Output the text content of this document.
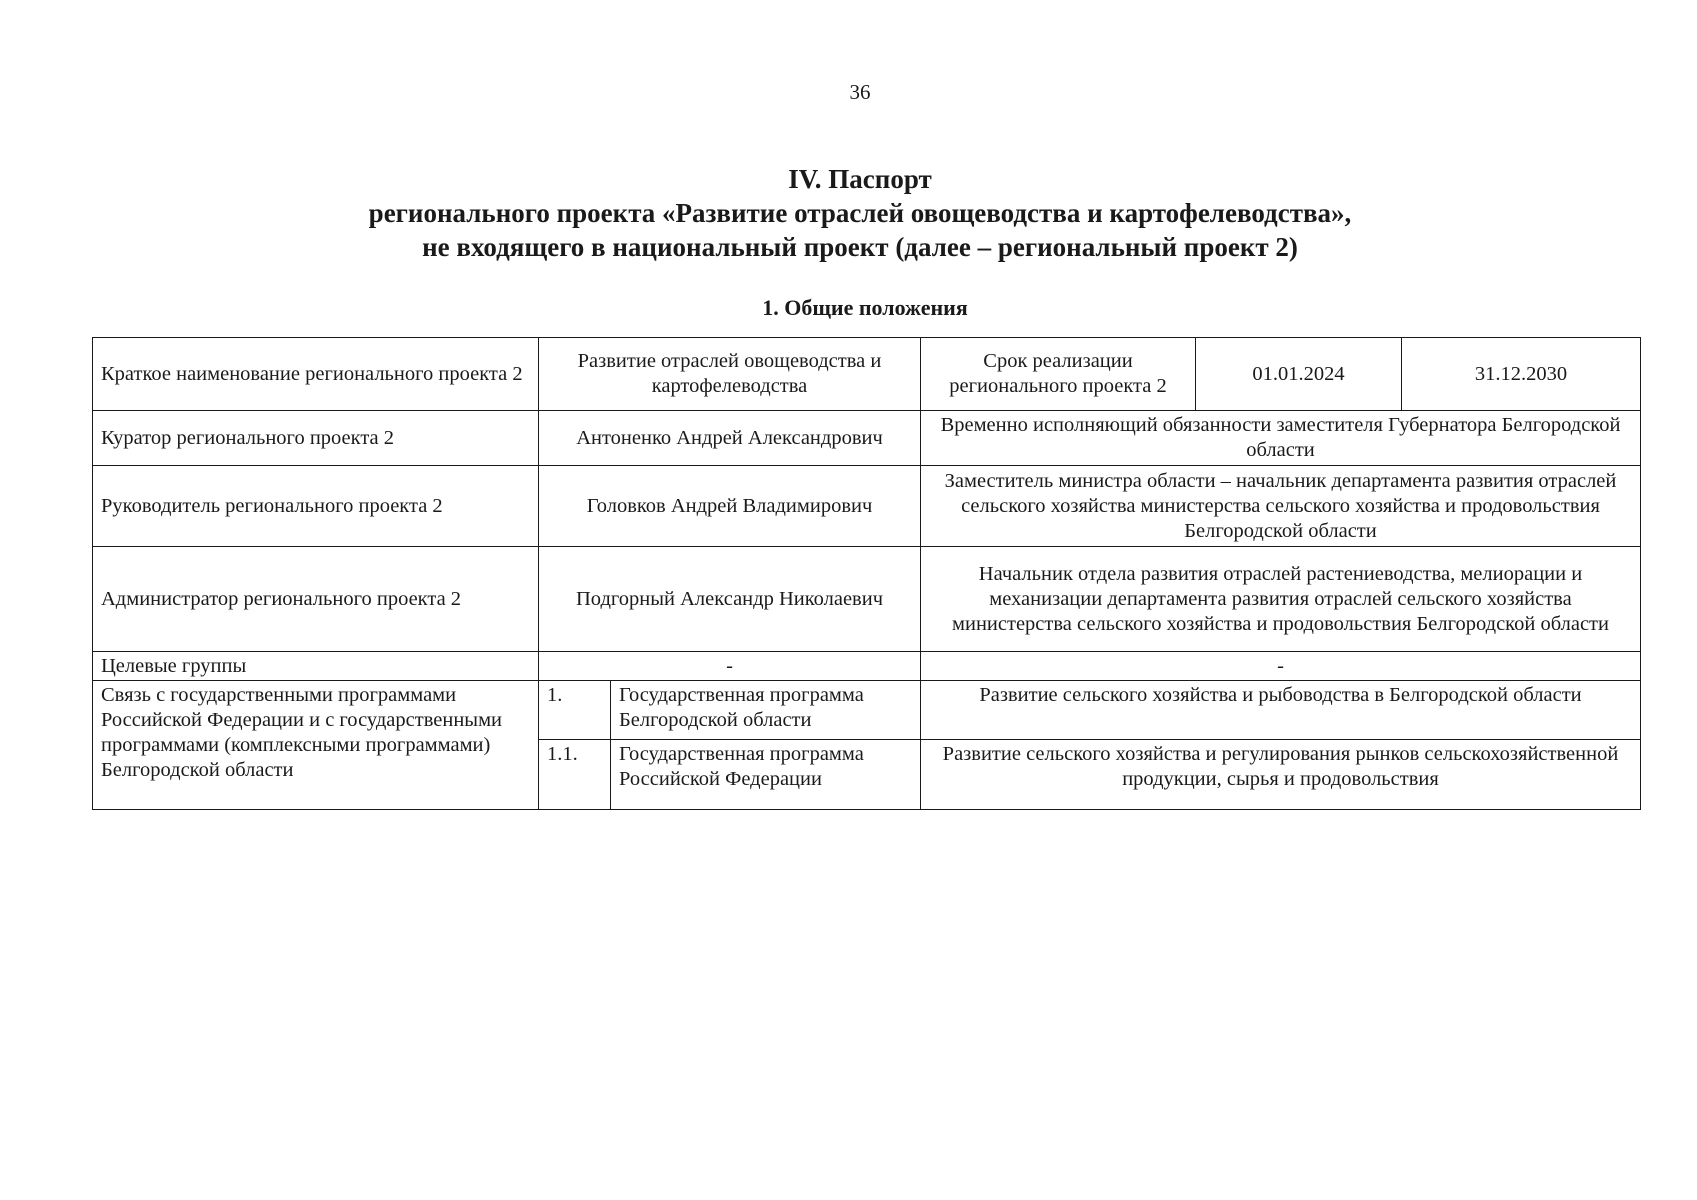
36
IV. Паспорт
регионального проекта «Развитие отраслей овощеводства и картофелеводства»,
не входящего в национальный проект (далее – региональный проект 2)
1. Общие положения
Краткое наименование регионального проекта 2	Развитие отраслей овощеводства и картофелеводства		Срок реализации регионального проекта 2	01.01.2024	31.12.2030
Куратор регионального проекта 2	Антоненко Андрей Александрович		Временно исполняющий обязанности заместителя Губернатора Белгородской области		
Руководитель регионального проекта 2	Головков Андрей Владимирович		Заместитель министра области – начальник департамента развития отраслей сельского хозяйства министерства сельского хозяйства и продовольствия Белгородской области		
Администратор регионального проекта 2	Подгорный Александр Николаевич		Начальник отдела развития отраслей растениеводства, мелиорации и механизации департамента развития отраслей сельского хозяйства министерства сельского хозяйства и продовольствия Белгородской области		
Целевые группы	-		-		
Связь с государственными программами Российской Федерации и с государственными программами (комплексными программами) Белгородской области	1.	Государственная программа Белгородской области	Развитие сельского хозяйства и рыбоводства в Белгородской области		
	1.1.	Государственная программа Российской Федерации	Развитие сельского хозяйства и регулирования рынков сельскохозяйственной продукции, сырья и продовольствия		
